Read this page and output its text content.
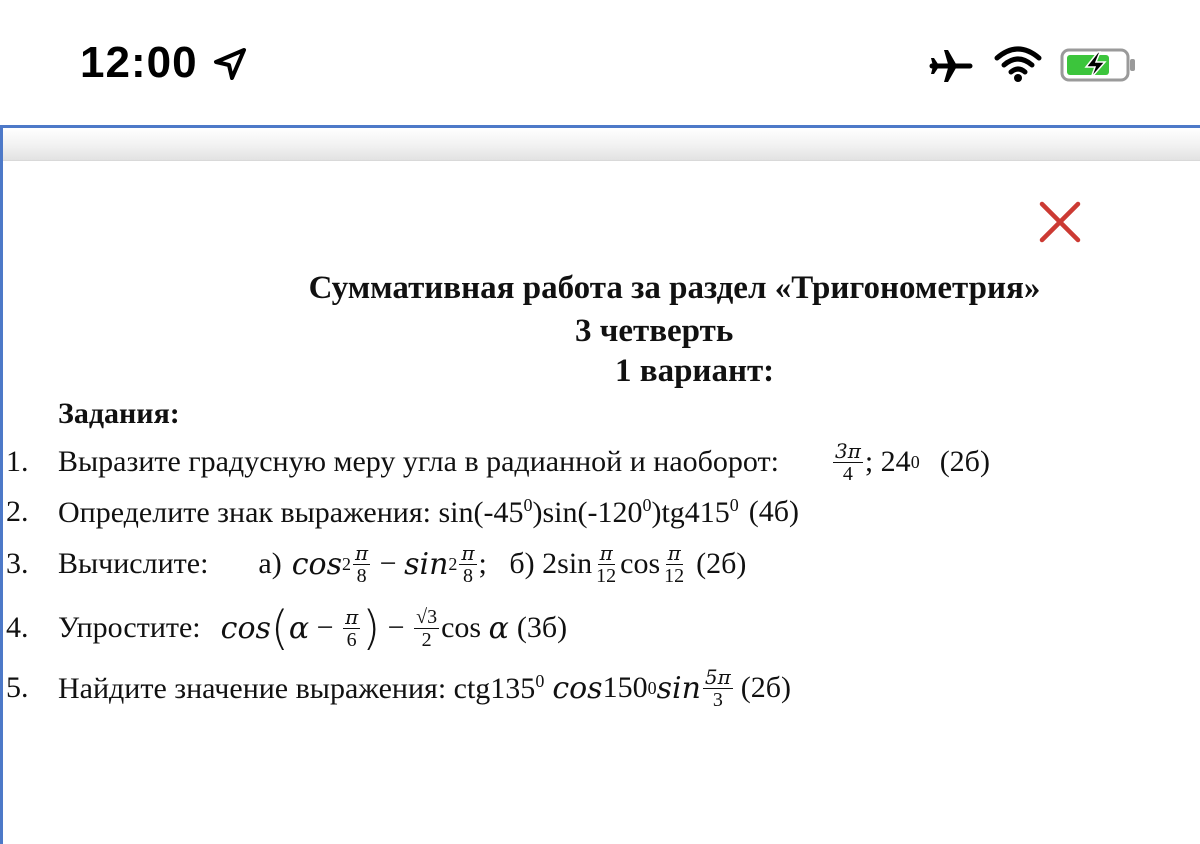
12:00
Суммативная работа за раздел «Тригонометрия»
3 четверть
1 вариант:
Задания:
1. Выразите градусную меру угла в радианной и наоборот:	$\frac{3\pi}{4}$ ; 24 0 (2б)
2. Определите знак выражения: $\sin(-45^0)\sin(-120^0)tg415^0$ (4б)
3. Вычислите: а) $\cos 2 \frac{\pi}{8} - \sin 2 \frac{\pi}{8}$ ; б) $2\sin \frac{\pi}{12}$ $\cos \frac{\pi}{12} (2б)$
4. Упростите: cos ( $\alpha - \frac{\pi}{6}$ ) − $\frac{√3}{2}$ cos
α (3б)
5. Найдите значение выражения: $ctg135^0$ cos 150 0 $\sin \frac{5\pi}{3} (2б)$
